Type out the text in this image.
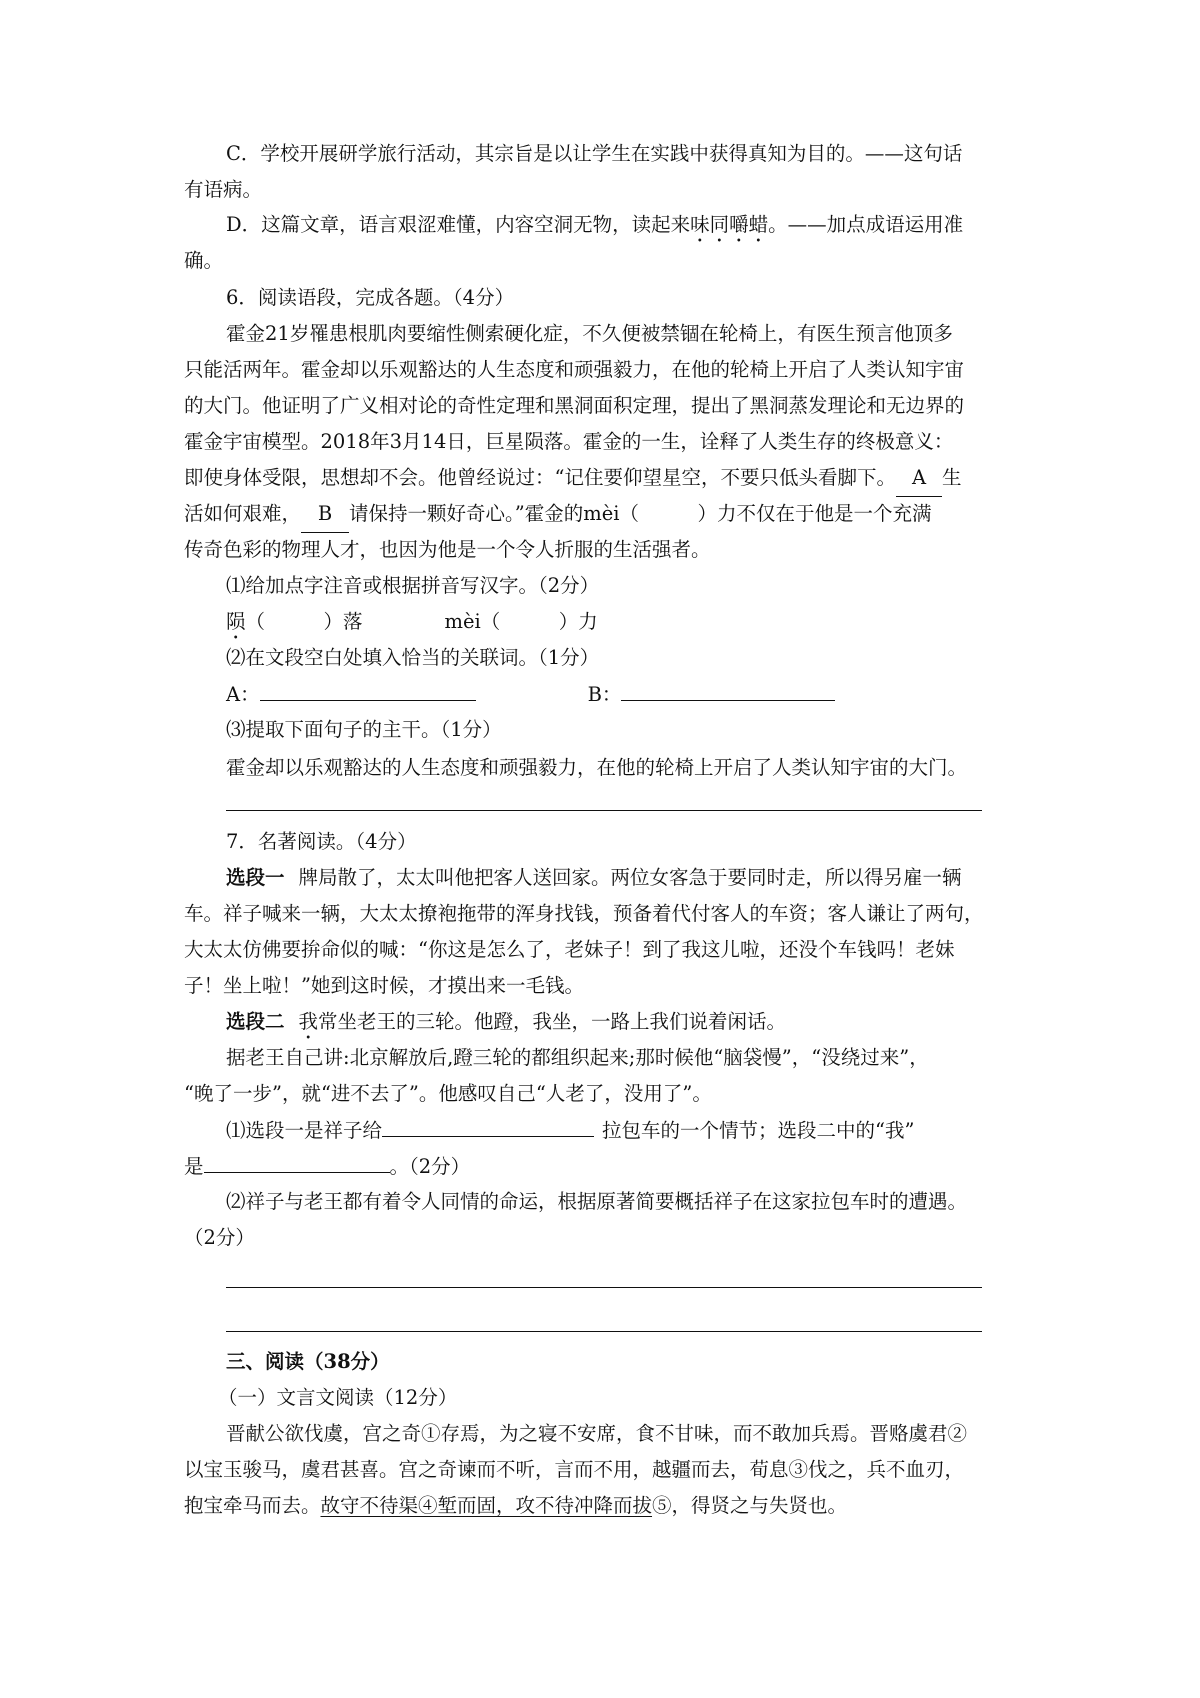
C．学校开展研学旅行活动，其宗旨是以让学生在实践中获得真知为目的。——这句话
有语病。
D．这篇文章，语言艰涩难懂，内容空洞无物，读起来味同嚼蜡。——加点成语运用准
确。
6．阅读语段，完成各题。（4分）
霍金21岁罹患根肌肉要缩性侧索硬化症，不久便被禁锢在轮椅上，有医生预言他顶多
只能活两年。霍金却以乐观豁达的人生态度和顽强毅力，在他的轮椅上开启了人类认知宇宙
的大门。他证明了广义相对论的奇性定理和黑洞面积定理，提出了黑洞蒸发理论和无边界的
霍金宇宙模型。2018年3月14日，巨星陨落。霍金的一生，诠释了人类生存的终极意义：
即使身体受限，思想却不会。他曾经说过：“记住要仰望星空，不要只低头看脚下。 A 生
活如何艰难， B 请保持一颗好奇心。”霍金的mèi（　　　）力不仅在于他是一个充满
传奇色彩的物理人才，也因为他是一个令人折服的生活强者。
⑴给加点字注音或根据拼音写汉字。（2分）
陨（　　　）落	mèi（　　　）力
⑵在文段空白处填入恰当的关联词。（1分）
A：	B：
⑶提取下面句子的主干。（1分）
霍金却以乐观豁达的人生态度和顽强毅力，在他的轮椅上开启了人类认知宇宙的大门。
7．名著阅读。（4分）
选段一 牌局散了，太太叫他把客人送回家。两位女客急于要同时走，所以得另雇一辆
车。祥子喊来一辆，大太太撩袍拖带的浑身找钱，预备着代付客人的车资；客人谦让了两句，
大太太仿佛要拚命似的喊：“你这是怎么了，老妹子！到了我这儿啦，还没个车钱吗！老妹
子！坐上啦！”她到这时候，才摸出来一毛钱。
选段二 我常坐老王的三轮。他蹬，我坐，一路上我们说着闲话。
据老王自己讲:北京解放后,蹬三轮的都组织起来;那时候他“脑袋慢”，“没绕过来”，
“晚了一步”，就“进不去了”。他感叹自己“人老了，没用了”。
⑴选段一是祥子给	拉包车的一个情节；选段二中的“我”
是	。（2分）
⑵祥子与老王都有着令人同情的命运，根据原著简要概括祥子在这家拉包车时的遭遇。
（2分）
三、阅读（38分）
（一）文言文阅读（12分）
晋献公欲伐虞，宫之奇①存焉，为之寝不安席，食不甘味，而不敢加兵焉。晋赂虞君②
以宝玉骏马，虞君甚喜。宫之奇谏而不听，言而不用，越疆而去，荀息③伐之，兵不血刃，
抱宝牵马而去。故守不待渠④堑而固，攻不待冲降而拔⑤，得贤之与失贤也。
